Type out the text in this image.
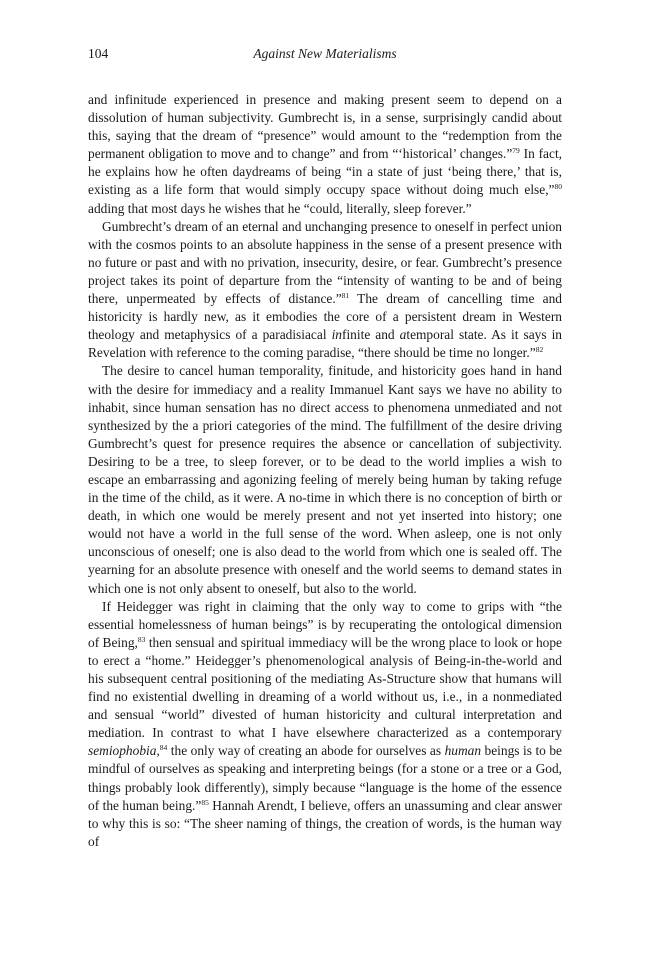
104	Against New Materialisms

and infinitude experienced in presence and making present seem to depend on a dissolution of human subjectivity. Gumbrecht is, in a sense, surprisingly candid about this, saying that the dream of “presence” would amount to the “redemption from the permanent obligation to move and to change” and from “‘historical’ changes.”$^{79}$ In fact, he explains how he often daydreams of being “in a state of just ‘being there,’ that is, existing as a life form that would simply occupy space without doing much else,”$^{80}$ adding that most days he wishes that he “could, literally, sleep forever.”

Gumbrecht’s dream of an eternal and unchanging presence to oneself in perfect union with the cosmos points to an absolute happiness in the sense of a present presence with no future or past and with no privation, insecurity, desire, or fear. Gumbrecht’s presence project takes its point of departure from the “intensity of wanting to be and of being there, unpermeated by effects of distance.”$^{81}$ The dream of cancelling time and historicity is hardly new, as it embodies the core of a persistent dream in Western theology and metaphysics of a paradisiacal infinite and atemporal state. As it says in Revelation with reference to the coming paradise, “there should be time no longer.”$^{82}$

The desire to cancel human temporality, finitude, and historicity goes hand in hand with the desire for immediacy and a reality Immanuel Kant says we have no ability to inhabit, since human sensation has no direct access to phenomena unmediated and not synthesized by the a priori categories of the mind. The fulfillment of the desire driving Gumbrecht’s quest for presence requires the absence or cancellation of subjectivity. Desiring to be a tree, to sleep forever, or to be dead to the world implies a wish to escape an embarrassing and agonizing feeling of merely being human by taking refuge in the time of the child, as it were. A no-time in which there is no conception of birth or death, in which one would be merely present and not yet inserted into history; one would not have a world in the full sense of the word. When asleep, one is not only unconscious of oneself; one is also dead to the world from which one is sealed off. The yearning for an absolute presence with oneself and the world seems to demand states in which one is not only absent to oneself, but also to the world.

If Heidegger was right in claiming that the only way to come to grips with “the essential homelessness of human beings” is by recuperating the ontological dimension of Being,$^{83}$ then sensual and spiritual immediacy will be the wrong place to look or hope to erect a “home.” Heidegger’s phenomenological analysis of Being-in-the-world and his subsequent central positioning of the mediating As-Structure show that humans will find no existential dwelling in dreaming of a world without us, i.e., in a nonmediated and sensual “world” divested of human historicity and cultural interpretation and mediation. In contrast to what I have elsewhere characterized as a contemporary semiophobia,$^{84}$ the only way of creating an abode for ourselves as human beings is to be mindful of ourselves as speaking and interpreting beings (for a stone or a tree or a God, things probably look differently), simply because “language is the home of the essence of the human being.”$^{85}$ Hannah Arendt, I believe, offers an unassuming and clear answer to why this is so: “The sheer naming of things, the creation of words, is the human way of
